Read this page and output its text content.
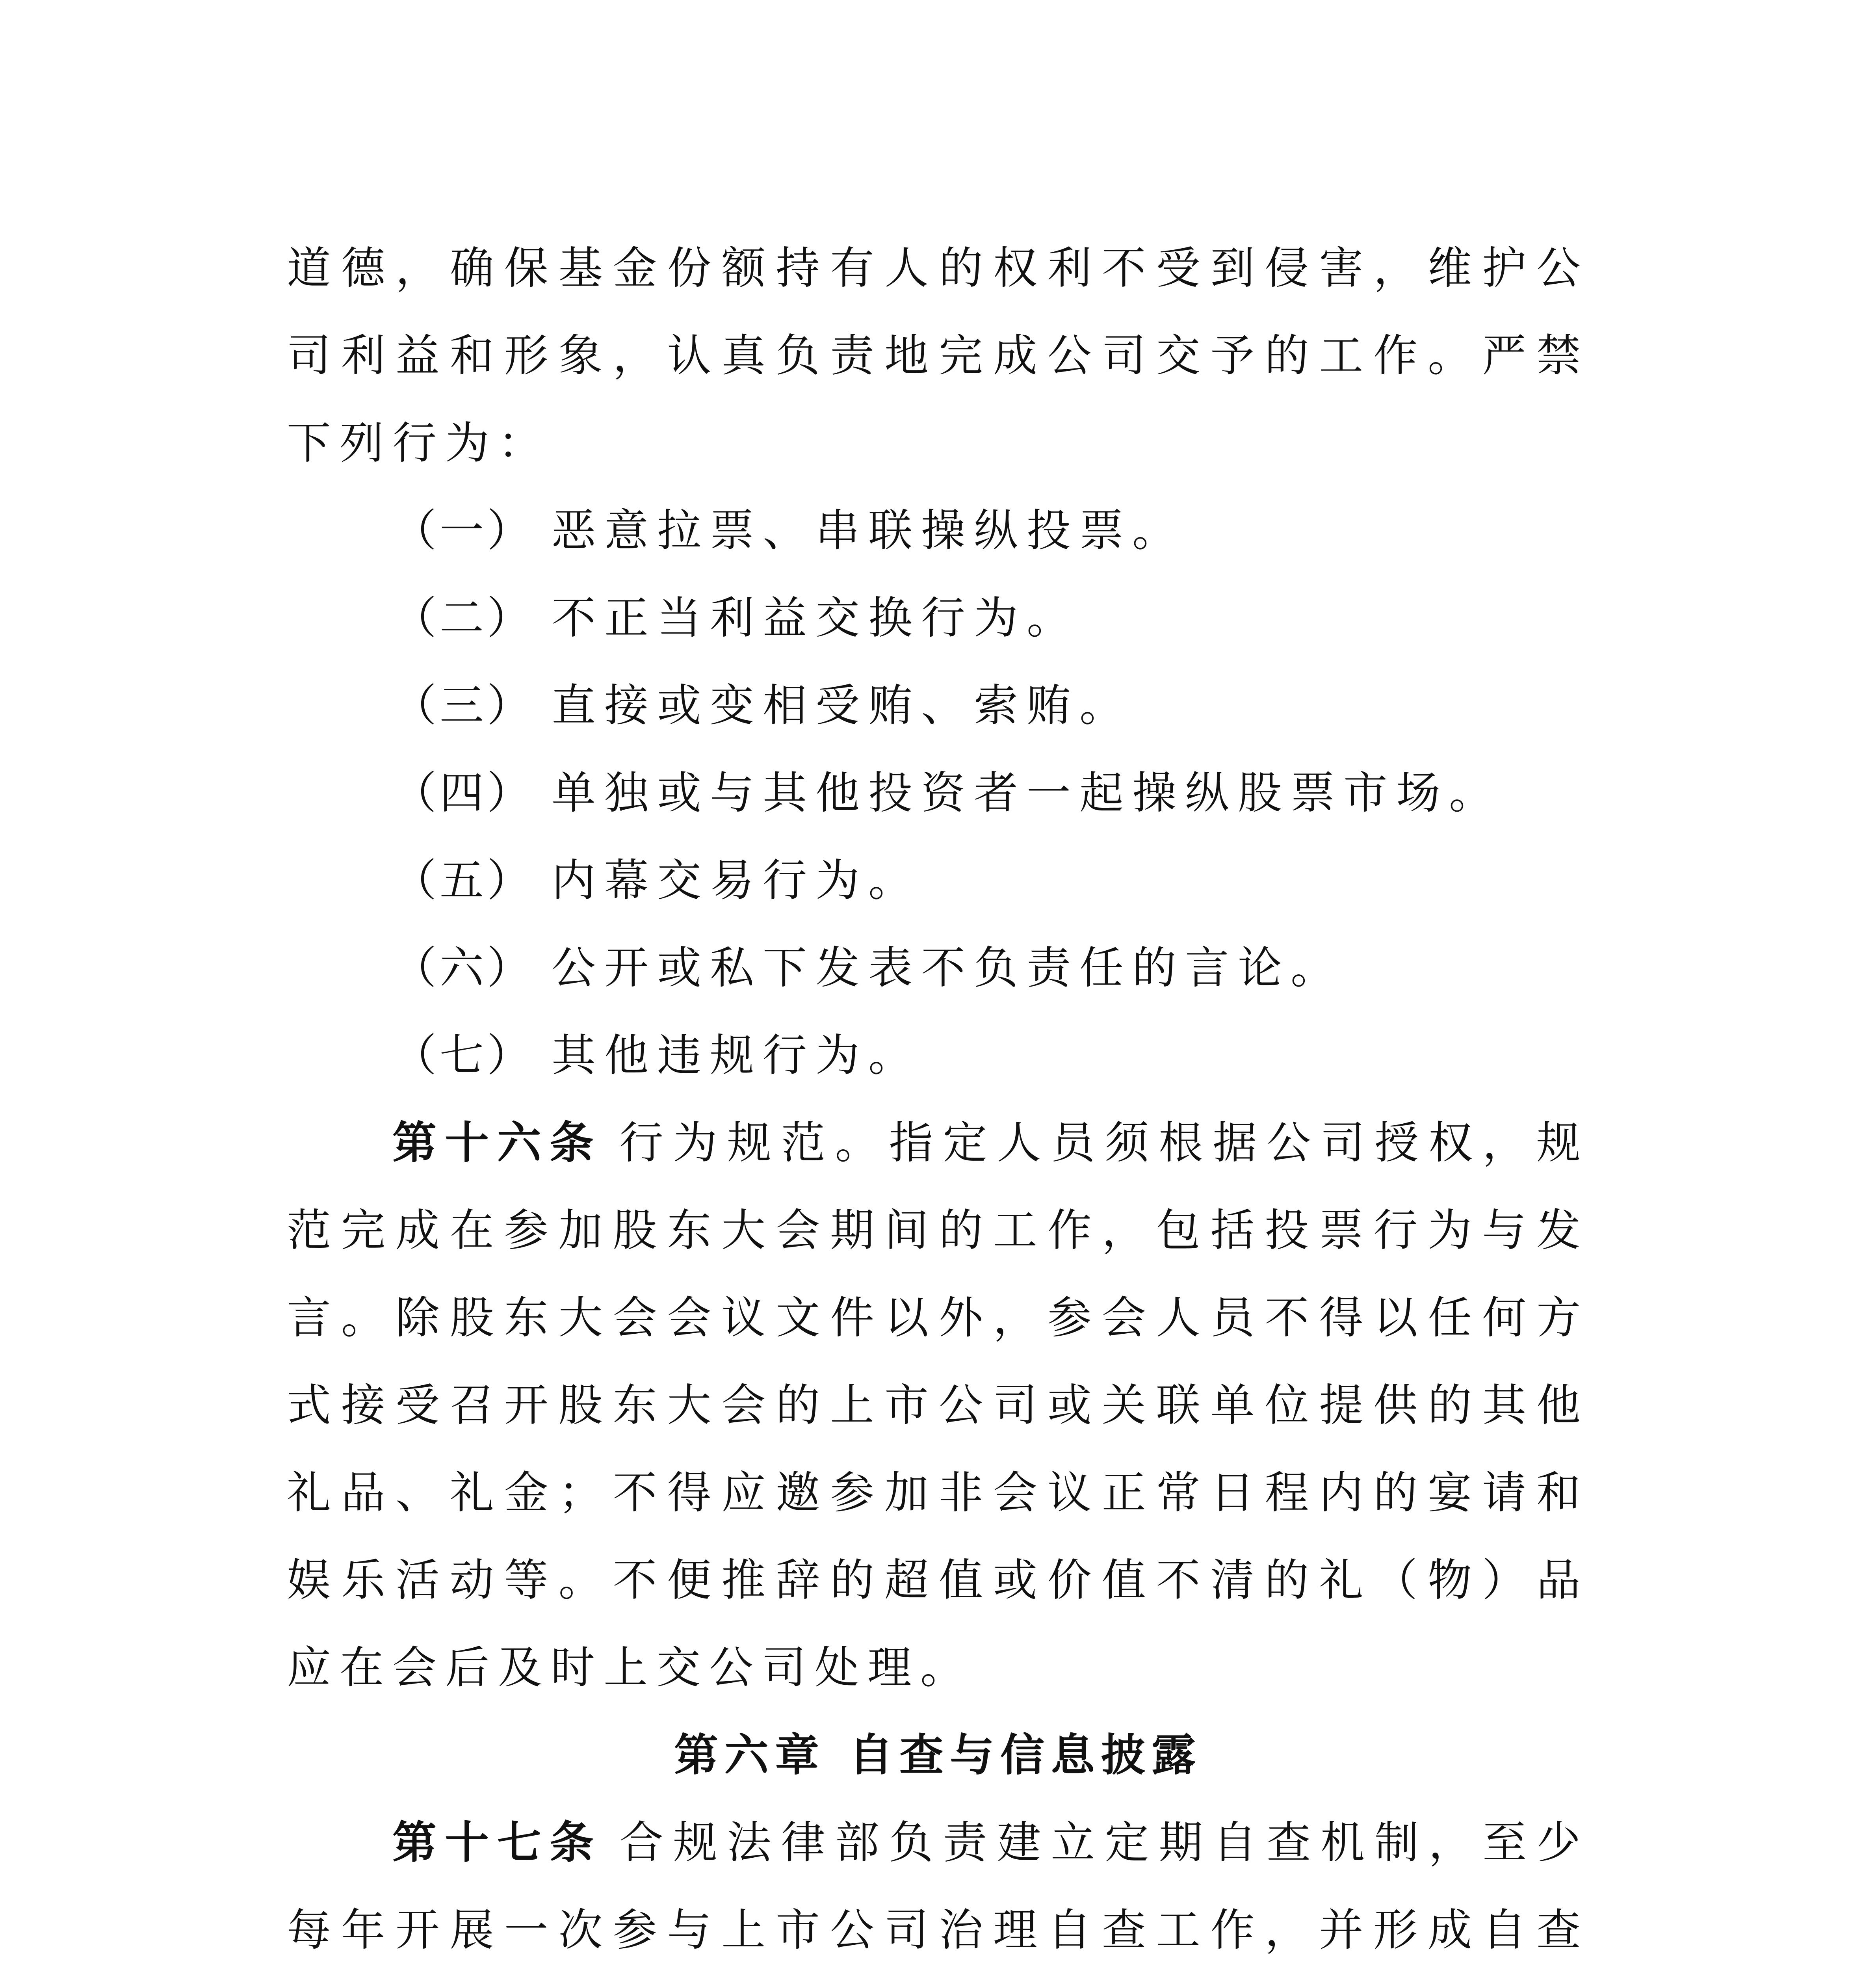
道德，确保基金份额持有人的权利不受到侵害，维护公司利益和形象，认真负责地完成公司交予的工作。严禁下列行为：

（一） 恶意拉票、串联操纵投票。

（二） 不正当利益交换行为。

（三） 直接或变相受贿、索贿。

（四） 单独或与其他投资者一起操纵股票市场。

（五） 内幕交易行为。

（六） 公开或私下发表不负责任的言论。

（七） 其他违规行为。

第十六条 行为规范。指定人员须根据公司授权，规范完成在参加股东大会期间的工作，包括投票行为与发言。除股东大会会议文件以外，参会人员不得以任何方式接受召开股东大会的上市公司或关联单位提供的其他礼品、礼金；不得应邀参加非会议正常日程内的宴请和娱乐活动等。不便推辞的超值或价值不清的礼（物）品应在会后及时上交公司处理。

第六章 自查与信息披露

第十七条 合规法律部负责建立定期自查机制，至少每年开展一次参与上市公司治理自查工作，并形成自查
